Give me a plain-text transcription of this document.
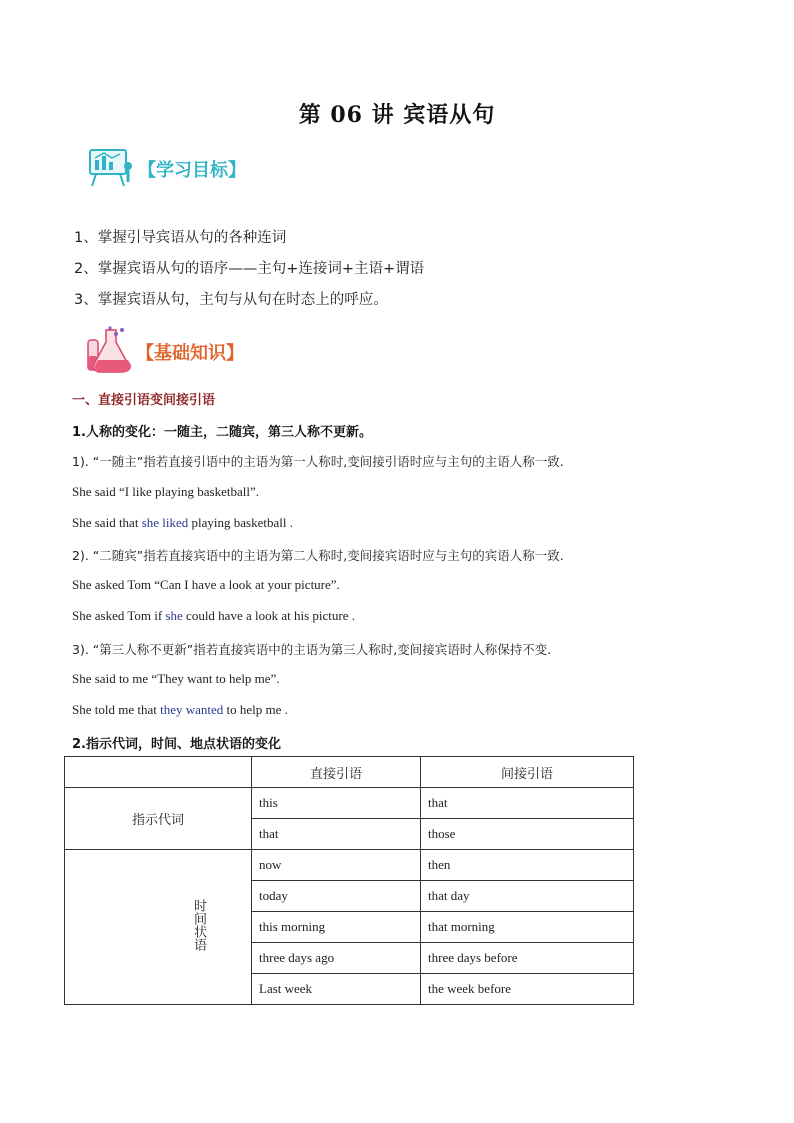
第 06 讲 宾语从句
【学习目标】
1、掌握引导宾语从句的各种连词
2、掌握宾语从句的语序——主句+连接词+主语+谓语
3、掌握宾语从句，主句与从句在时态上的呼应。
【基础知识】
一、直接引语变间接引语
1.人称的变化：一随主，二随宾，第三人称不更新。
1). “一随主”指若直接引语中的主语为第一人称时,变间接引语时应与主句的主语人称一致.
She said “I like playing basketball”.
She said that she liked playing basketball .
2). “二随宾”指若直接宾语中的主语为第二人称时,变间接宾语时应与主句的宾语人称一致.
She asked Tom “Can I have a look at your picture”.
She asked Tom if she could have a look at his picture .
3). “第三人称不更新”指若直接宾语中的主语为第三人称时,变间接宾语时人称保持不变.
She said to me “They want to help me”.
She told me that they wanted to help me .
2.指示代词，时间、地点状语的变化
	直接引语	间接引语
指示代词	this	that
	that	those
时间状语	now	then
	today	that day
	this morning	that morning
	three days ago	three days before
	Last week	the week before
